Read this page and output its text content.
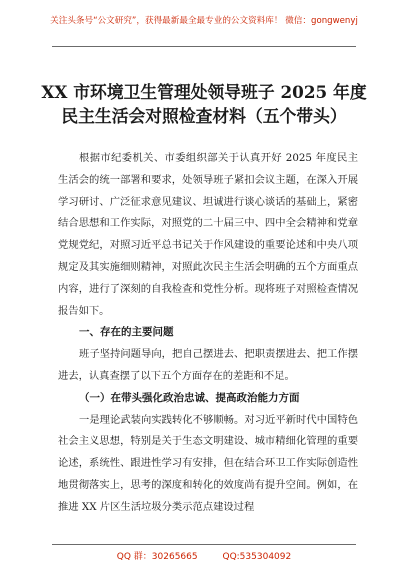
关注头条号“公文研究”，获得最新最全最专业的公文资料库！ 微信：gongwenyj
XX 市环境卫生管理处领导班子 2025 年度
民主生活会对照检查材料（五个带头）

根据市纪委机关、市委组织部关于认真开好 2025 年度民主生活会的统一部署和要求，处领导班子紧扣会议主题，在深入开展学习研讨、广泛征求意见建议、坦诚进行谈心谈话的基础上，紧密结合思想和工作实际，对照党的二十届三中、四中全会精神和党章党规党纪，对照习近平总书记关于作风建设的重要论述和中央八项规定及其实施细则精神，对照此次民主生活会明确的五个方面重点内容，进行了深刻的自我检查和党性分析。现将班子对照检查情况报告如下。

一、存在的主要问题

班子坚持问题导向，把自己摆进去、把职责摆进去、把工作摆进去，认真查摆了以下五个方面存在的差距和不足。

（一）在带头强化政治忠诚、提高政治能力方面

一是理论武装向实践转化不够顺畅。对习近平新时代中国特色社会主义思想，特别是关于生态文明建设、城市精细化管理的重要论述，系统性、跟进性学习有安排，但在结合环卫工作实际创造性地贯彻落实上，思考的深度和转化的效度尚有提升空间。例如，在推进 XX 片区生活垃圾分类示范点建设过程

QQ 群：30265665	QQ:535304092
